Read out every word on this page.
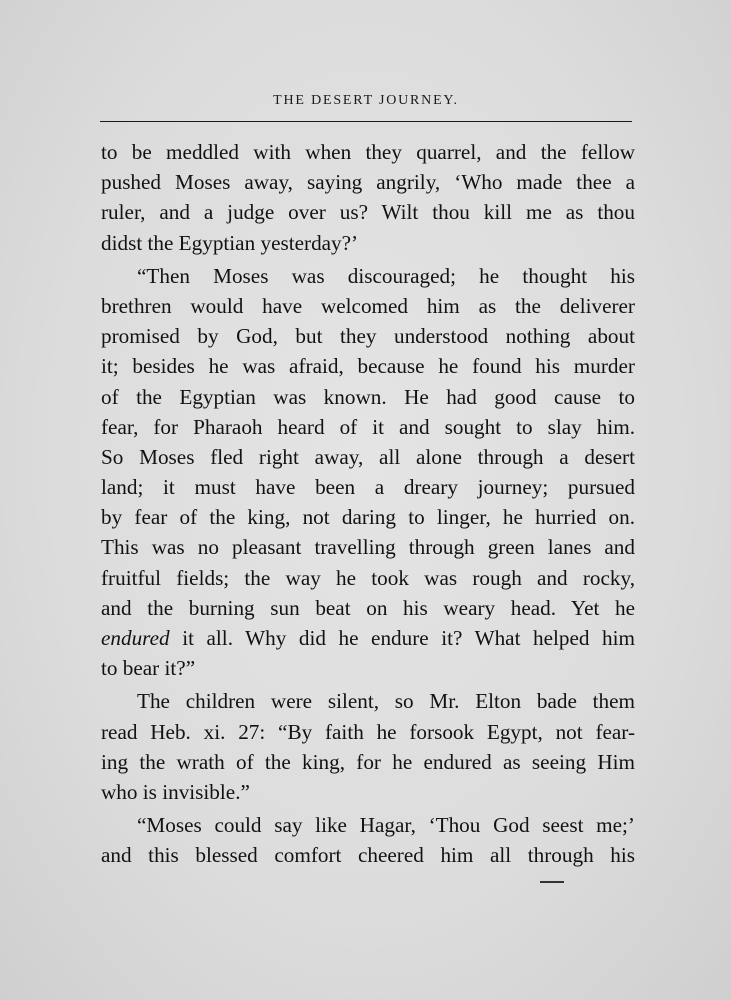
THE DESERT JOURNEY.
to be meddled with when they quarrel, and the fellow
pushed Moses away, saying angrily, ‘Who made thee a
ruler, and a judge over us? Wilt thou kill me as thou
didst the Egyptian yesterday?’
“Then Moses was discouraged; he thought his
brethren would have welcomed him as the deliverer
promised by God, but they understood nothing about
it; besides he was afraid, because he found his murder
of the Egyptian was known. He had good cause to
fear, for Pharaoh heard of it and sought to slay him.
So Moses fled right away, all alone through a desert
land; it must have been a dreary journey; pursued
by fear of the king, not daring to linger, he hurried on.
This was no pleasant travelling through green lanes and
fruitful fields; the way he took was rough and rocky,
and the burning sun beat on his weary head. Yet he
endured it all. Why did he endure it? What helped him
to bear it?”
The children were silent, so Mr. Elton bade them
read Heb. xi. 27: “By faith he forsook Egypt, not fear-
ing the wrath of the king, for he endured as seeing Him
who is invisible.”
“Moses could say like Hagar, ‘Thou God seest me;’
and this blessed comfort cheered him all through his
